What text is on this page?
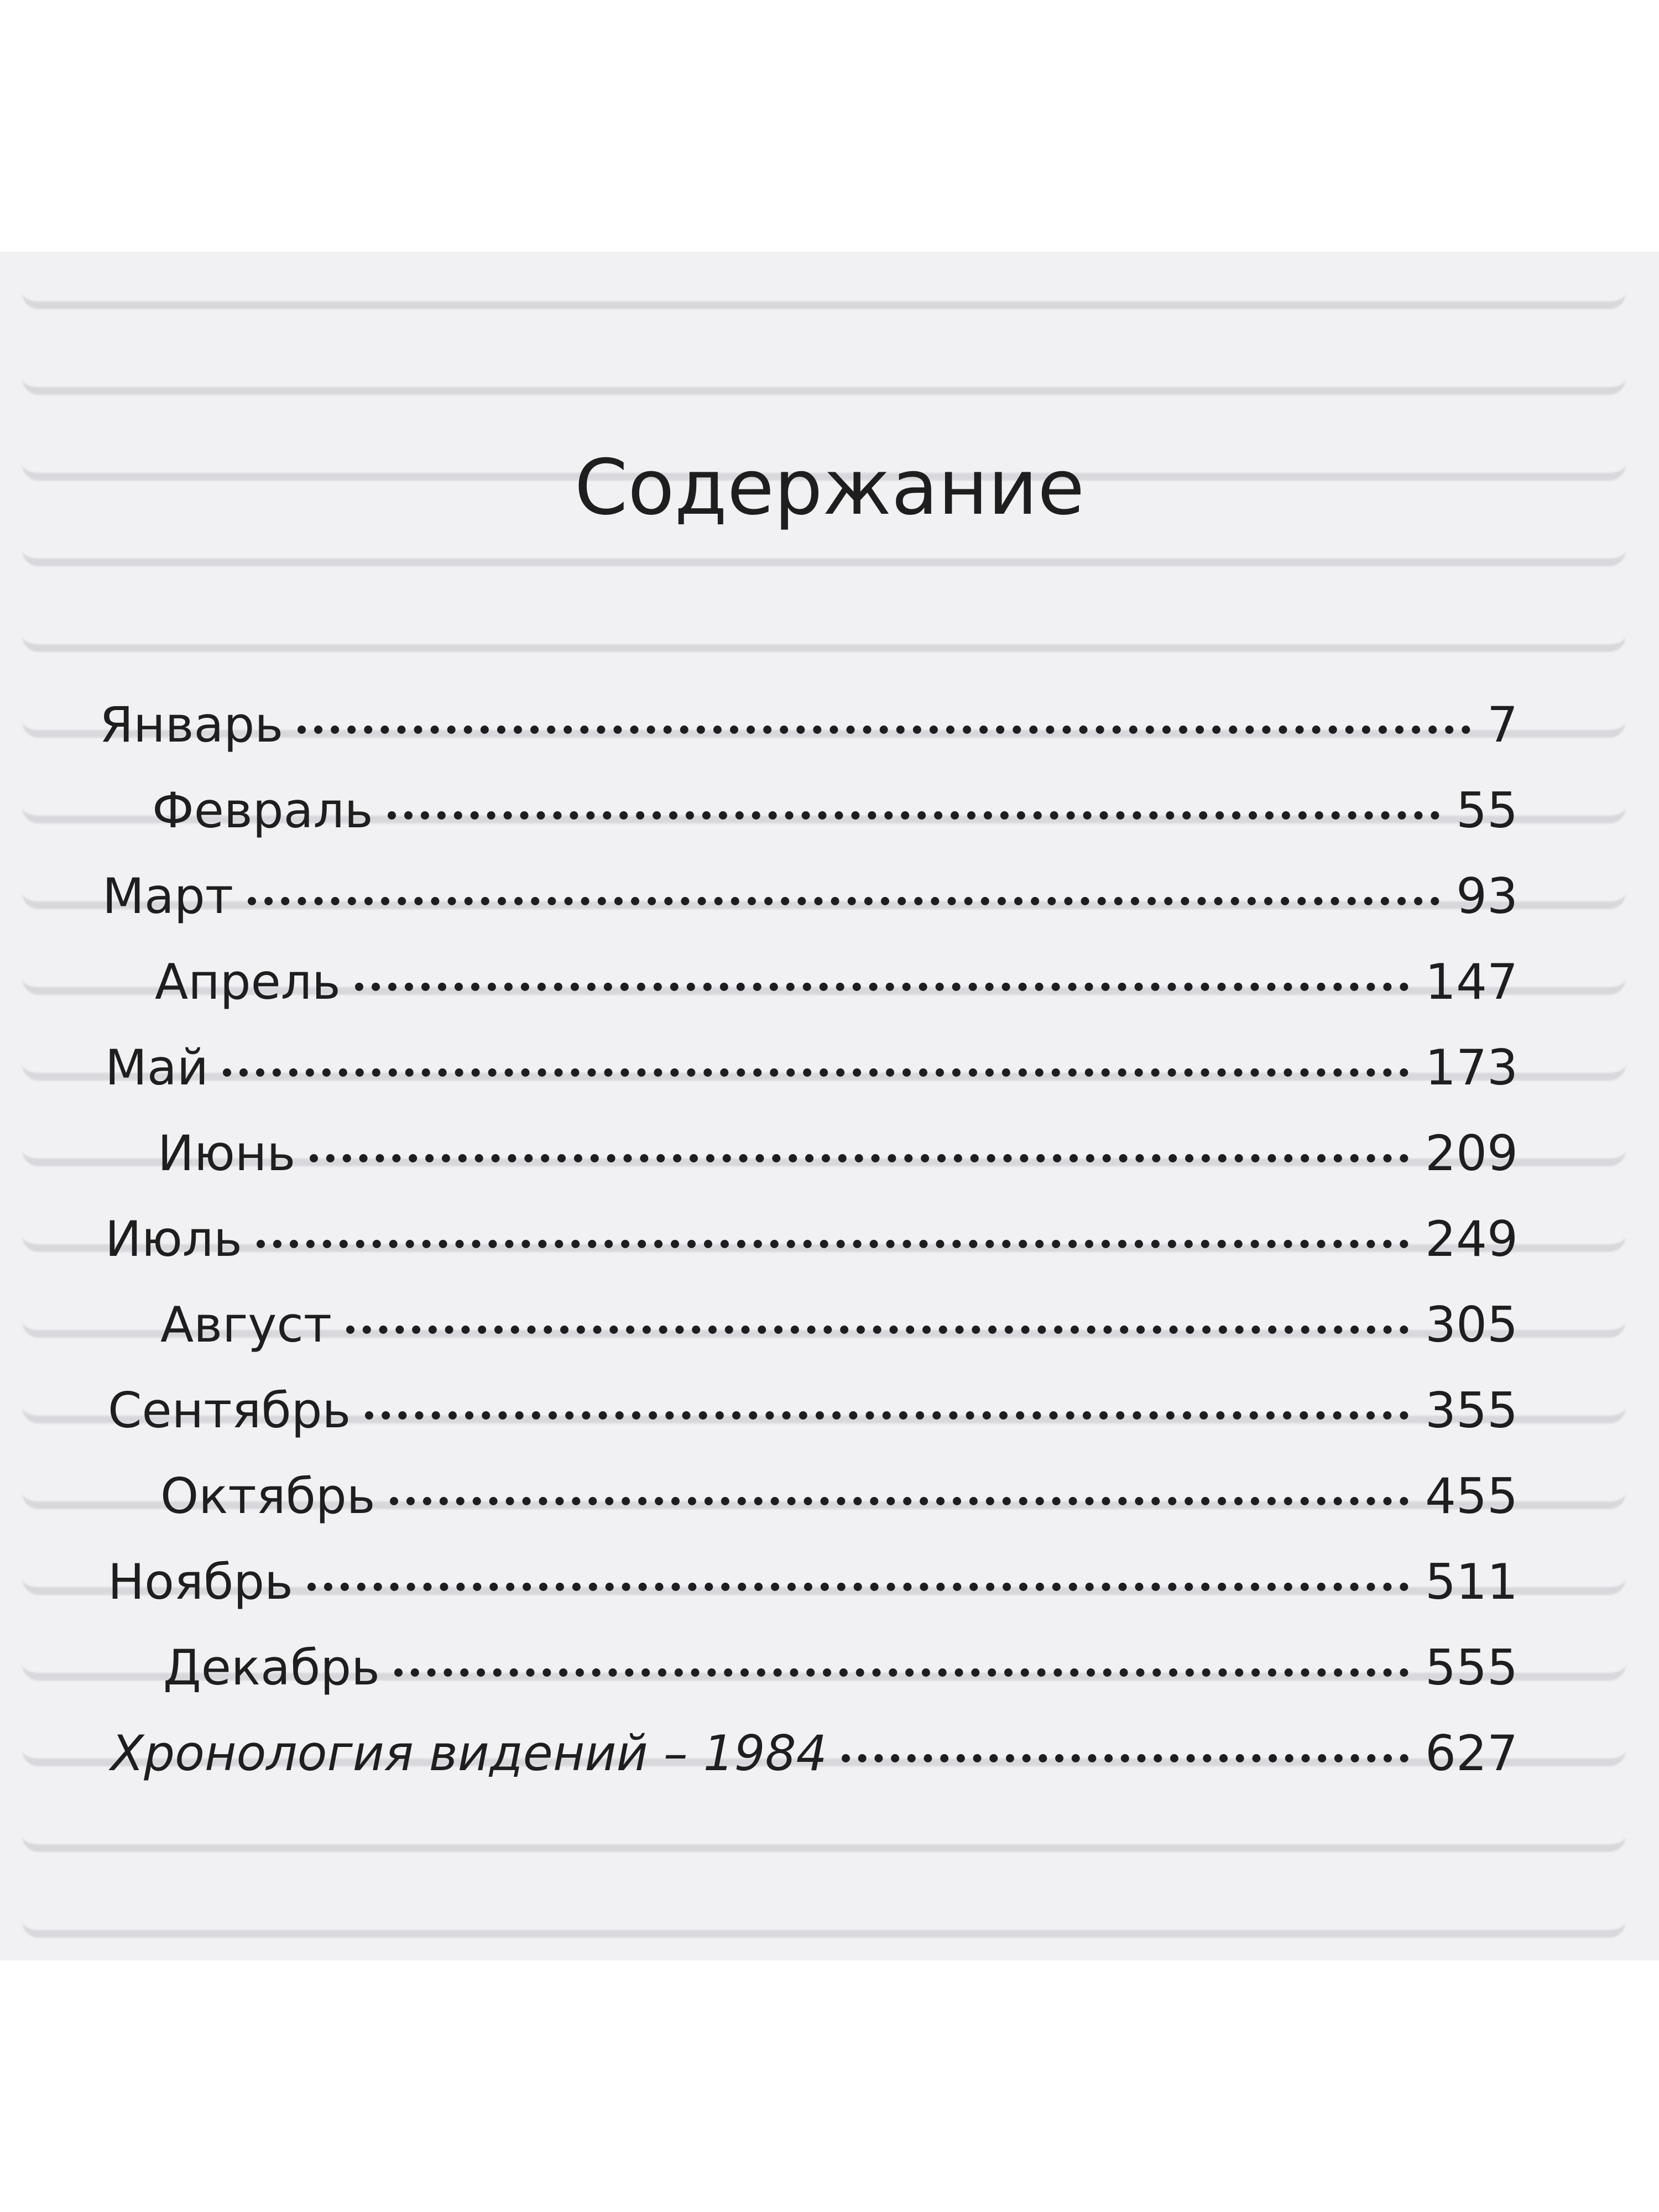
Содержание
Январь	7
Февраль	55
Март	93
Апрель	147
Май	173
Июнь	209
Июль	249
Август	305
Сентябрь	355
Октябрь	455
Ноябрь	511
Декабрь	555
Хронология видений – 1984	627
